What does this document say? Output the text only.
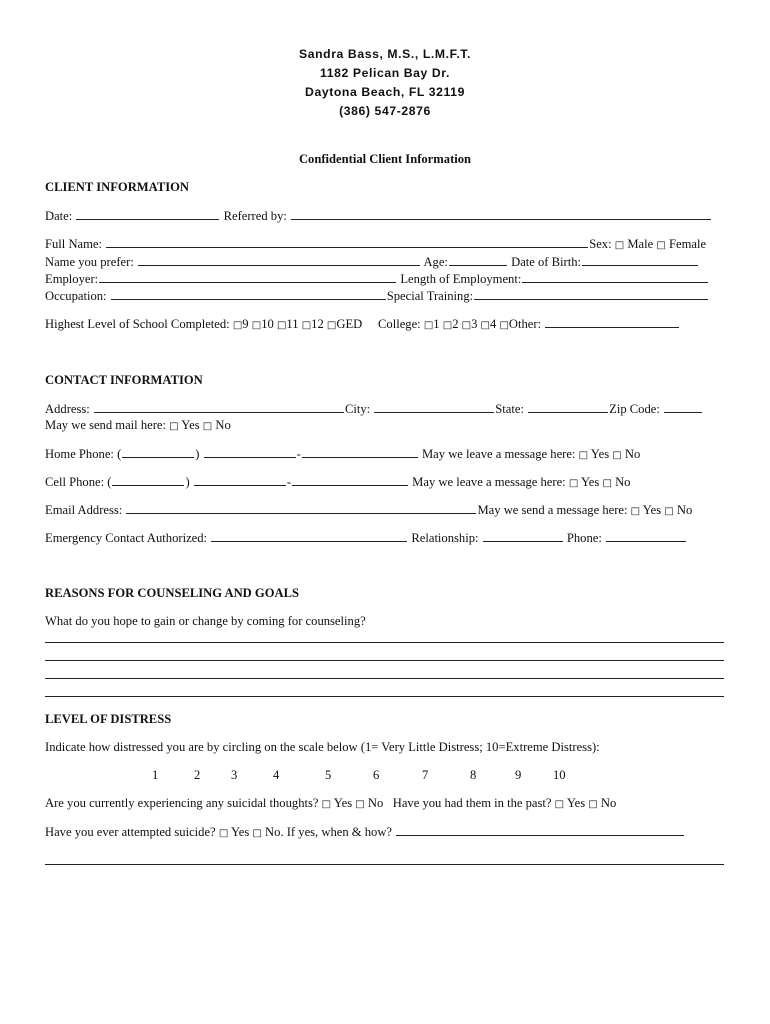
Sandra Bass, M.S., L.M.F.T.
1182 Pelican Bay Dr.
Daytona Beach, FL 32119
(386) 547-2876
Confidential Client Information
CLIENT INFORMATION
Date:	Referred by:
Full Name:	Sex: □ Male □ Female
Name you prefer:	Age:	Date of Birth:
Employer:	Length of Employment:
Occupation:	Special Training:
Highest Level of School Completed: □9 □10 □11 □12 □GED College: □1 □2 □3 □4 □Other:
CONTACT INFORMATION
Address:	City:	State:	Zip Code:
May we send mail here: □ Yes □ No
Home Phone: (	)	-	May we leave a message here: □ Yes □ No
Cell Phone: (	)	-	May we leave a message here: □ Yes □ No
Email Address:	May we send a message here: □ Yes □ No
Emergency Contact Authorized:	Relationship:	Phone:
REASONS FOR COUNSELING AND GOALS
What do you hope to gain or change by coming for counseling?
LEVEL OF DISTRESS
Indicate how distressed you are by circling on the scale below (1= Very Little Distress; 10=Extreme Distress):
1	2 3	4	5	6	7	8	9	10
Are you currently experiencing any suicidal thoughts? □ Yes □ No Have you had them in the past? □ Yes □ No
Have you ever attempted suicide? □ Yes □ No. If yes, when & how?
